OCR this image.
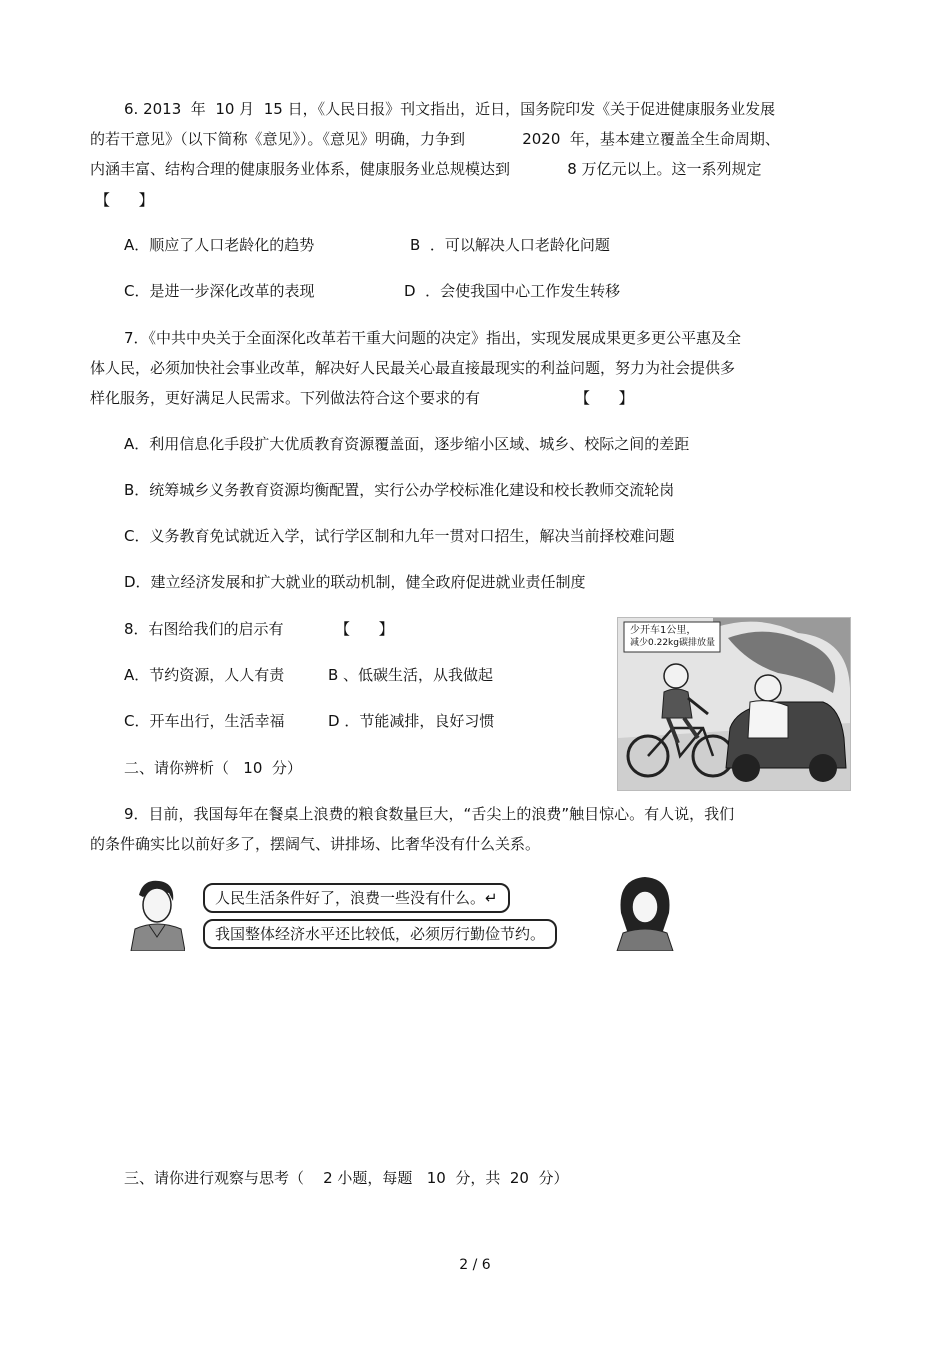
6. 2013  年  10 月  15 日，《人民日报》刊文指出，近日，国务院印发《关于促进健康服务业发展
的若干意见》（以下简称《意见》）。《意见》明确，力争到            2020  年，基本建立覆盖全生命周期、
内涵丰富、结构合理的健康服务业体系，健康服务业总规模达到            8 万亿元以上。这一系列规定
【      】
A．顺应了人口老龄化的趋势	B  ．可以解决人口老龄化问题
C．是进一步深化改革的表现	D  ．会使我国中心工作发生转移
7．《中共中央关于全面深化改革若干重大问题的决定》指出，实现发展成果更多更公平惠及全
体人民，必须加快社会事业改革，解决好人民最关心最直接最现实的利益问题，努力为社会提供多
样化服务，更好满足人民需求。下列做法符合这个要求的有	【      】
A．利用信息化手段扩大优质教育资源覆盖面，逐步缩小区域、城乡、校际之间的差距
B．统筹城乡义务教育资源均衡配置，实行公办学校标准化建设和校长教师交流轮岗
C．义务教育免试就近入学，试行学区制和九年一贯对口招生，解决当前择校难问题
D．建立经济发展和扩大就业的联动机制，健全政府促进就业责任制度
8．右图给我们的启示有	【      】
A．节约资源，人人有责	B 、低碳生活，从我做起
C．开车出行，生活幸福	D ．节能减排，良好习惯
少开车1公里，
减少0.22kg碳排放量
二、请你辨析（   10  分）
9．目前，我国每年在餐桌上浪费的粮食数量巨大，“舌尖上的浪费”触目惊心。有人说，我们
的条件确实比以前好多了，摆阔气、讲排场、比奢华没有什么关系。
人民生活条件好了，浪费一些没有什么。↵
我国整体经济水平还比较低，必须厉行勤俭节约。
三、请你进行观察与思考（    2 小题，每题   10  分，共  20  分）
2 / 6
